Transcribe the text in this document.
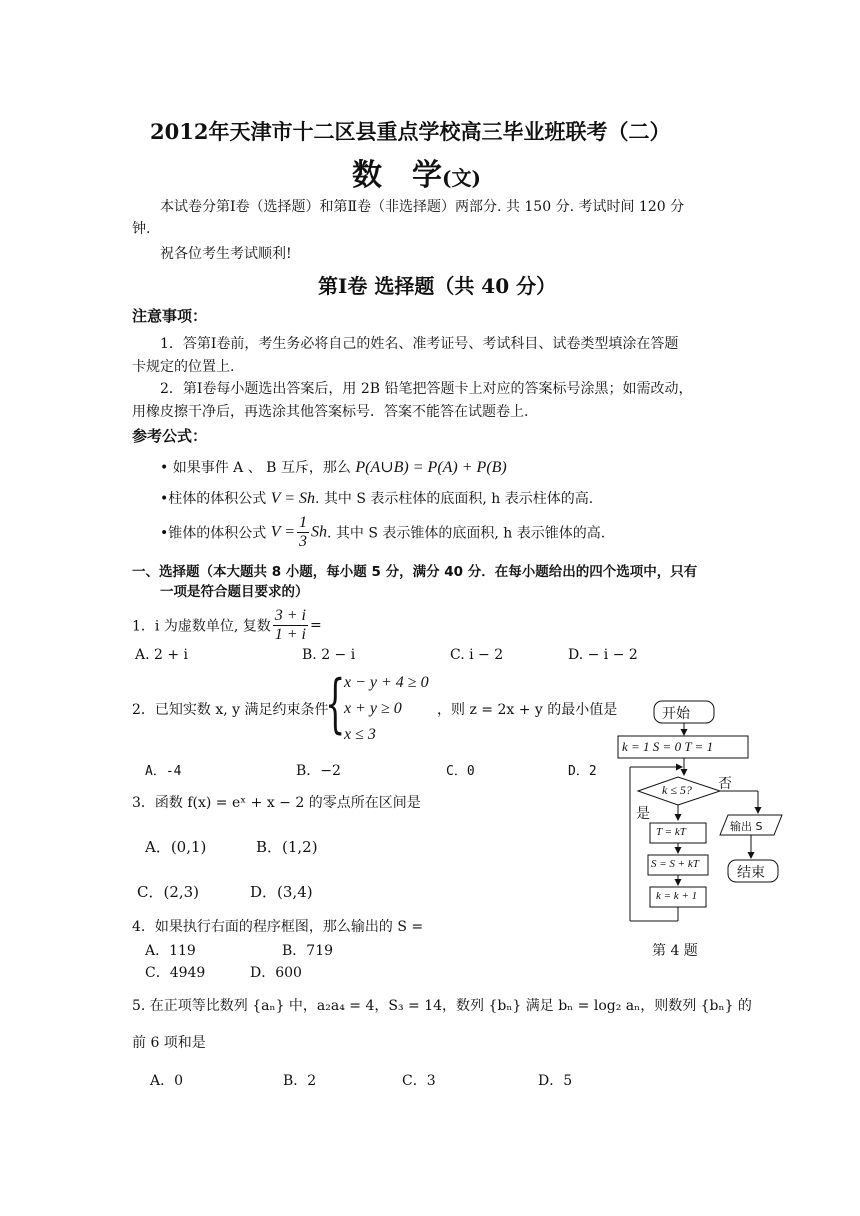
2012年天津市十二区县重点学校高三毕业班联考（二）
数　学(文)
本试卷分第Ⅰ卷（选择题）和第Ⅱ卷（非选择题）两部分. 共 150 分. 考试时间 120 分
钟.
祝各位考生考试顺利!
第Ⅰ卷 选择题（共 40 分）
注意事项：
1．答第Ⅰ卷前，考生务必将自己的姓名、准考证号、考试科目、试卷类型填涂在答题
卡规定的位置上.
2．第Ⅰ卷每小题选出答案后，用 2B 铅笔把答题卡上对应的答案标号涂黑；如需改动，
用橡皮擦干净后，再选涂其他答案标号．答案不能答在试题卷上.
参考公式：
• 如果事件 A 、 B 互斥，那么 P(A∪B) = P(A) + P(B)
•柱体的体积公式 V = Sh. 其中 S 表示柱体的底面积, h 表示柱体的高.
•锥体的体积公式 $V = \frac{1}{3} Sh$. 其中 S 表示锥体的底面积, h 表示锥体的高.
一、选择题（本大题共 8 小题，每小题 5 分，满分 40 分．在每小题给出的四个选项中，只有
一项是符合题目要求的）
1．i 为虚数单位, 复数 $\frac{3 + i}{1 + i}$ =
A. 2 + i	B. 2 − i	C. i − 2	D. − i − 2
2．已知实数 x, y 满足约束条件
{
x − y + 4 ≥ 0
x + y ≥ 0
x ≤ 3
，则 z = 2x + y 的最小值是
A．-4	B．−2	C．0	D．2
3．函数 f(x) = eˣ + x − 2 的零点所在区间是
A．(0,1)	B．(1,2)
C．(2,3)	D．(3,4)
4．如果执行右面的程序框图，那么输出的 S =
A．119	B．719
C．4949	D．600
开始
k = 1 S = 0 T = 1
k ≤ 5? 否
是
T = kT
S = S + kT
k = k + 1
输出 S
结束
第 4 题
5. 在正项等比数列 {aₙ} 中，a₂a₄ = 4，S₃ = 14，数列 {bₙ} 满足 bₙ = log₂ aₙ，则数列 {bₙ} 的
前 6 项和是
A．0	B．2	C．3	D．5
